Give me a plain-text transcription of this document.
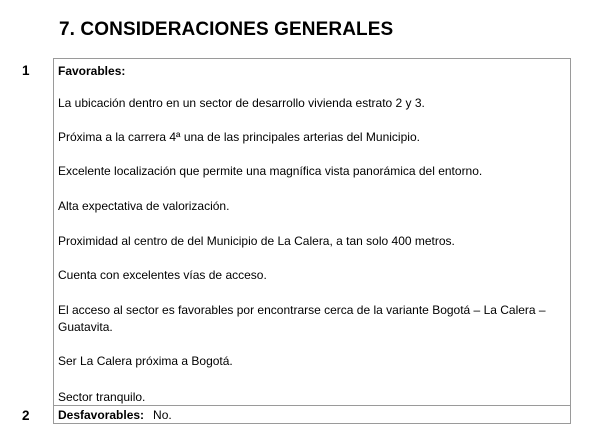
7. CONSIDERACIONES GENERALES
1
2
Favorables:
La ubicación dentro en un sector de desarrollo vivienda estrato 2 y 3.
Próxima a la carrera 4ª una de las principales arterias del Municipio.
Excelente localización que permite una magnífica vista panorámica del entorno.
Alta expectativa de valorización.
Proximidad al centro de del Municipio de La Calera, a tan solo 400 metros.
Cuenta con excelentes vías de acceso.
El acceso al sector es favorables por encontrarse cerca de la variante Bogotá – La Calera – Guatavita.
Ser La Calera próxima a Bogotá.
Sector tranquilo.
Desfavorables: No.
